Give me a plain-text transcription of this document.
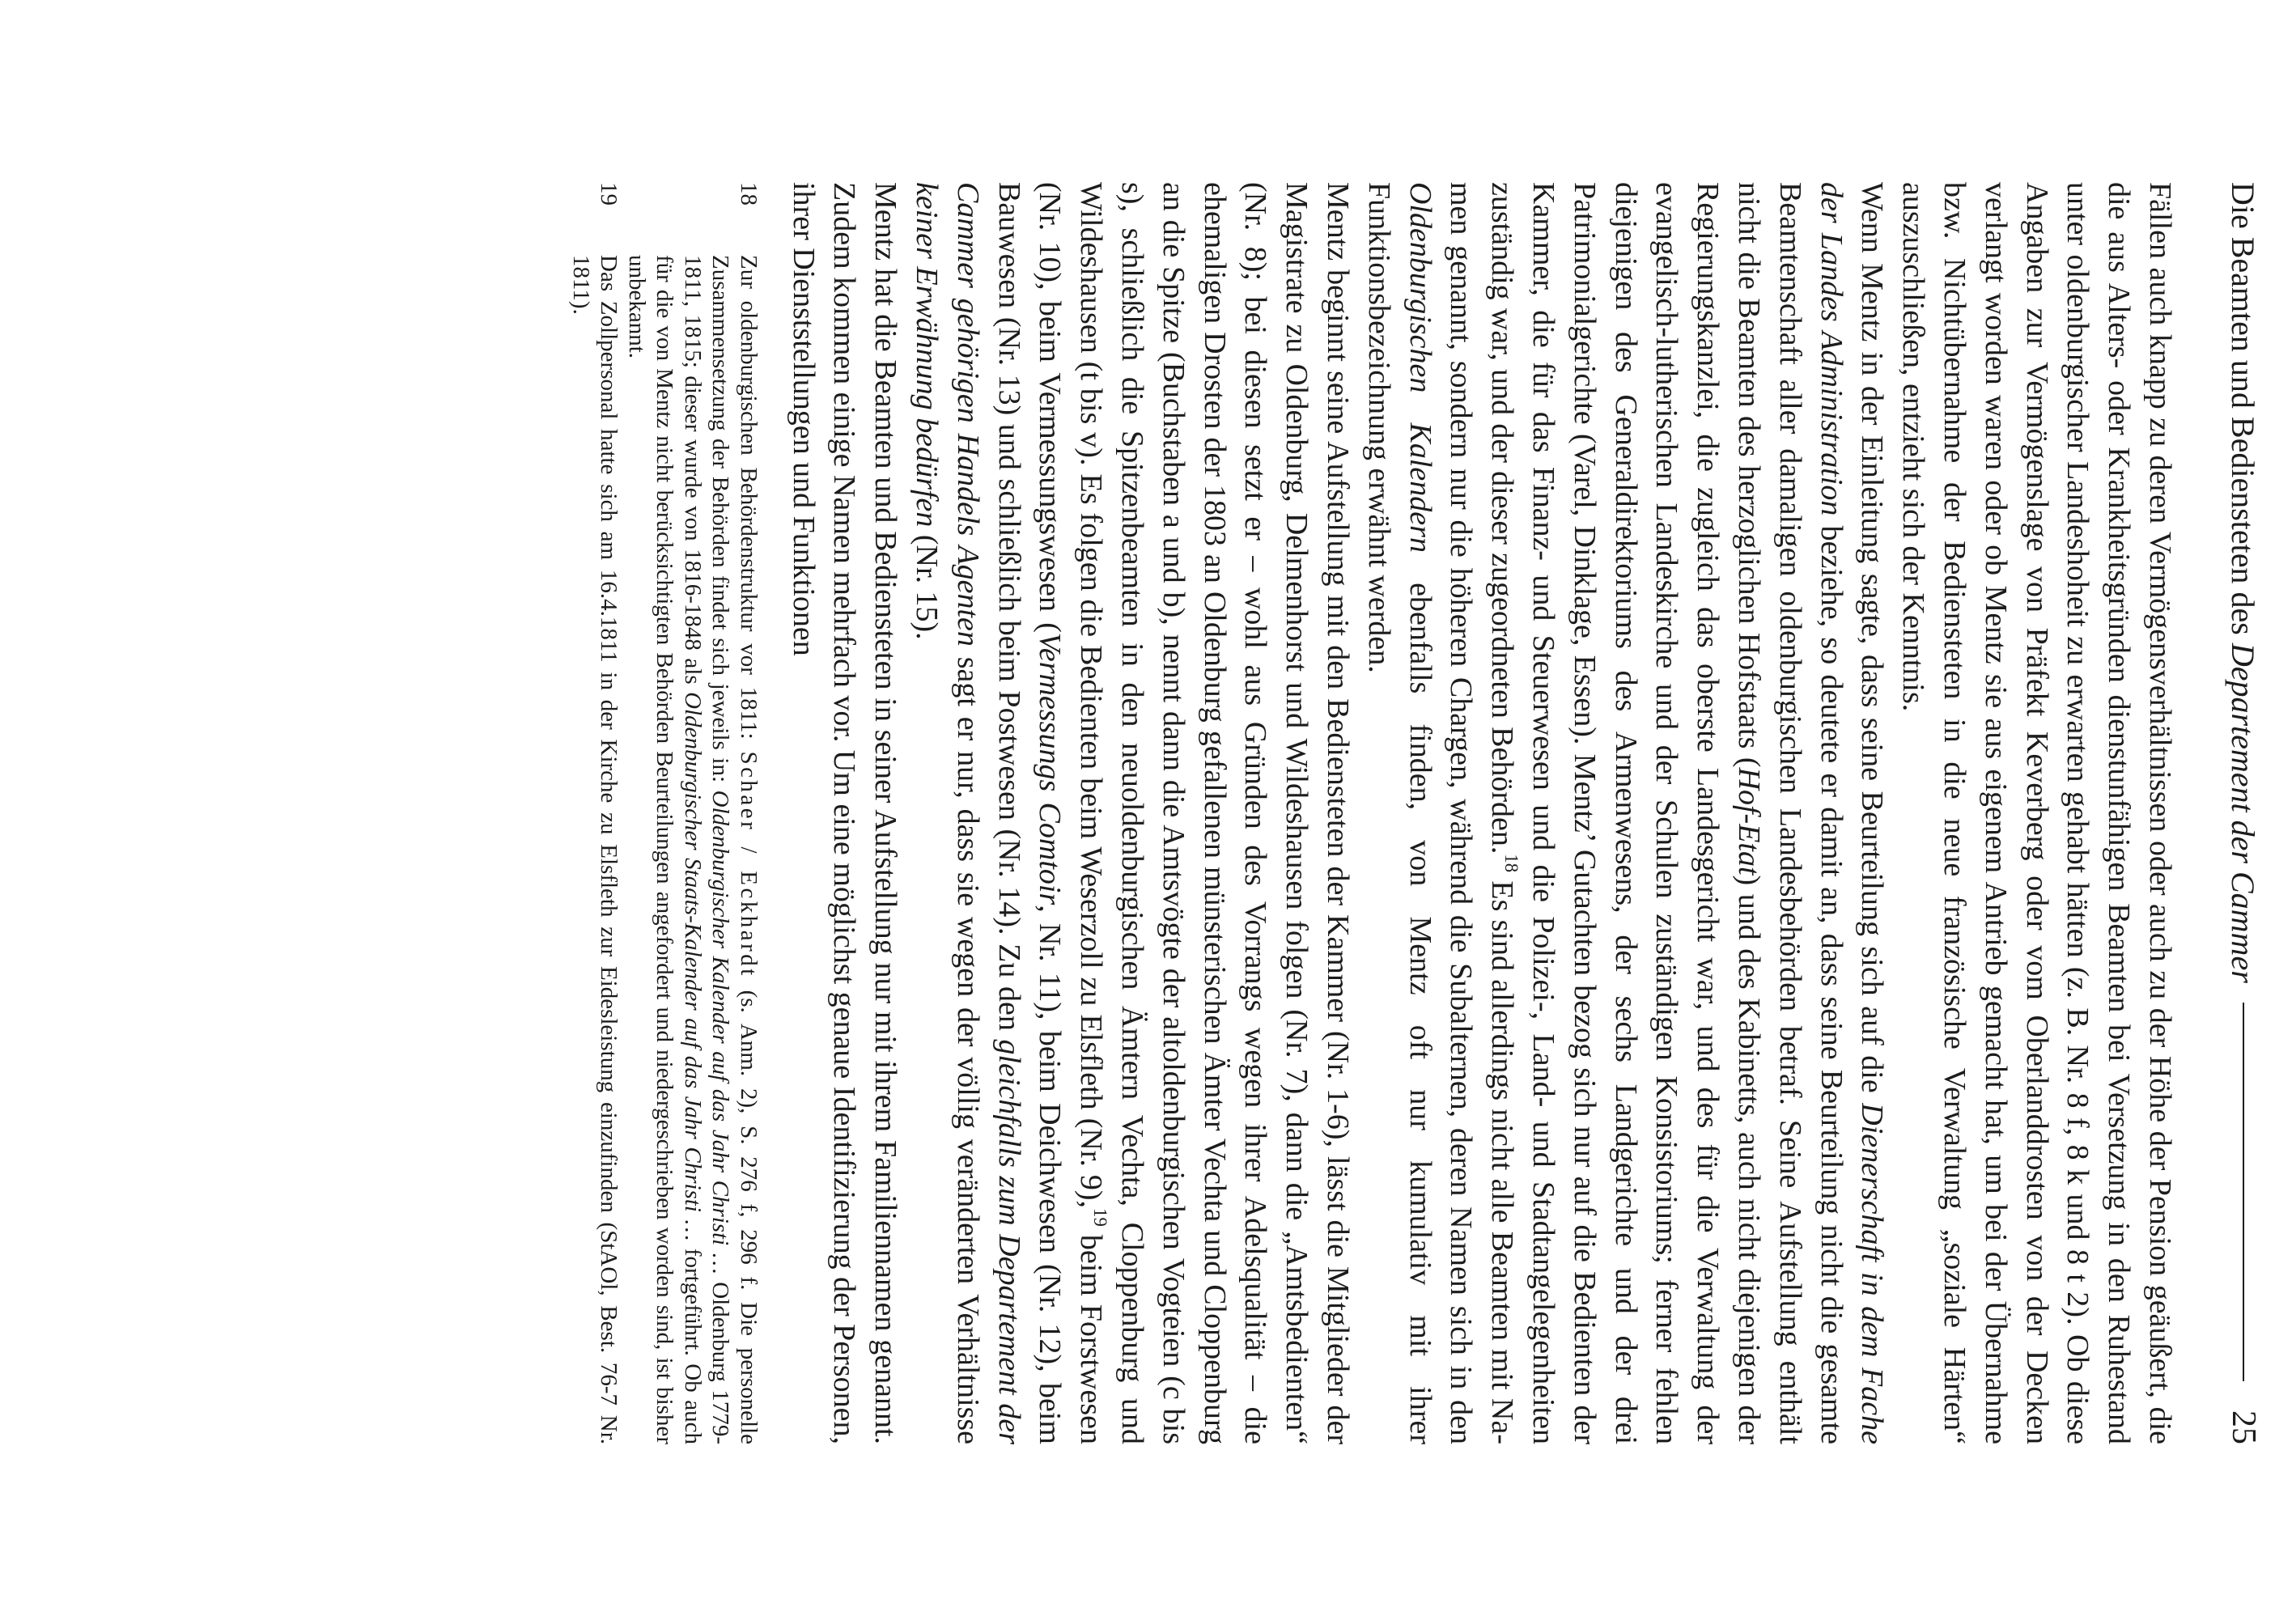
Die Beamten und Bediensteten des Departement der Cammer
25

Fällen auch knapp zu deren Vermögensverhältnissen oder auch zu der Höhe der Pension geäußert, die die aus Alters- oder Krankheitsgründen dienstunfähigen Beamten bei Versetzung in den Ruhestand unter oldenburgischer Landeshoheit zu erwarten gehabt hätten (z. B. Nr. 8 f, 8 k und 8 t 2). Ob diese Angaben zur Vermögenslage von Präfekt Keverberg oder vom Oberlanddrosten von der Decken verlangt worden waren oder ob Mentz sie aus eigenem Antrieb gemacht hat, um bei der Übernahme bzw. Nichtübernahme der Bediensteten in die neue französische Verwaltung „soziale Härten“ auszuschließen, entzieht sich der Kenntnis.

Wenn Mentz in der Einleitung sagte, dass seine Beurteilung sich auf die Dienerschaft in dem Fache der Landes Administration beziehe, so deutete er damit an, dass seine Beurteilung nicht die gesamte Beamtenschaft aller damaligen oldenburgischen Landesbehörden betraf. Seine Aufstellung enthält nicht die Beamten des herzoglichen Hofstaats (Hof-Etat) und des Kabinetts, auch nicht diejenigen der Regierungskanzlei, die zugleich das oberste Landesgericht war, und des für die Verwaltung der evangelisch-lutherischen Landeskirche und der Schulen zuständigen Konsistoriums; ferner fehlen diejenigen des Generaldirektoriums des Armenwesens, der sechs Landgerichte und der drei Patrimonialgerichte (Varel, Dinklage, Essen). Mentz’ Gutachten bezog sich nur auf die Bedienten der Kammer, die für das Finanz- und Steuerwesen und die Polizei-, Land- und Stadtangelegenheiten zuständig war, und der dieser zugeordneten Behörden.$^{18}$ Es sind allerdings nicht alle Beamten mit Namen genannt, sondern nur die höheren Chargen, während die Subalternen, deren Namen sich in den Oldenburgischen Kalendern ebenfalls finden, von Mentz oft nur kumulativ mit ihrer Funktionsbezeichnung erwähnt werden.

Mentz beginnt seine Aufstellung mit den Bediensteten der Kammer (Nr. 1-6), lässt die Mitglieder der Magistrate zu Oldenburg, Delmenhorst und Wildeshausen folgen (Nr. 7), dann die „Amtsbedienten“ (Nr. 8); bei diesen setzt er – wohl aus Gründen des Vorrangs wegen ihrer Adelsqualität – die ehemaligen Drosten der 1803 an Oldenburg gefallenen münsterischen Ämter Vechta und Cloppenburg an die Spitze (Buchstaben a und b), nennt dann die Amtsvögte der altoldenburgischen Vogteien (c bis s), schließlich die Spitzenbeamten in den neuoldenburgischen Ämtern Vechta, Cloppenburg und Wildeshausen (t bis v). Es folgen die Bedienten beim Weserzoll zu Elsfleth (Nr. 9),$^{19}$ beim Forstwesen (Nr. 10), beim Vermessungswesen (Vermessungs Comtoir, Nr. 11), beim Deichwesen (Nr. 12), beim Bauwesen (Nr. 13) und schließlich beim Postwesen (Nr. 14). Zu den gleichfalls zum Departement der Cammer gehörigen Handels Agenten sagt er nur, dass sie wegen der völlig veränderten Verhältnisse keiner Erwähnung bedürfen (Nr. 15).

Mentz hat die Beamten und Bediensteten in seiner Aufstellung nur mit ihrem Familiennamen genannt. Zudem kommen einige Namen mehrfach vor. Um eine möglichst genaue Identifizierung der Personen, ihrer Dienststellungen und Funktionen

18
Zur oldenburgischen Behördenstruktur vor 1811: Schaer / Eckhardt (s. Anm. 2), S. 276 f, 296 f. Die personelle Zusammensetzung der Behörden findet sich jeweils in: Oldenburgischer Kalender auf das Jahr Christi … Oldenburg 1779-1811, 1815; dieser wurde von 1816-1848 als Oldenburgischer Staats-Kalender auf das Jahr Christi … fortgeführt. Ob auch für die von Mentz nicht berücksichtigten Behörden Beurteilungen angefordert und niedergeschrieben worden sind, ist bisher unbekannt.
19
Das Zollpersonal hatte sich am 16.4.1811 in der Kirche zu Elsfleth zur Eidesleistung einzufinden (StAOl, Best. 76-7 Nr. 1811).
